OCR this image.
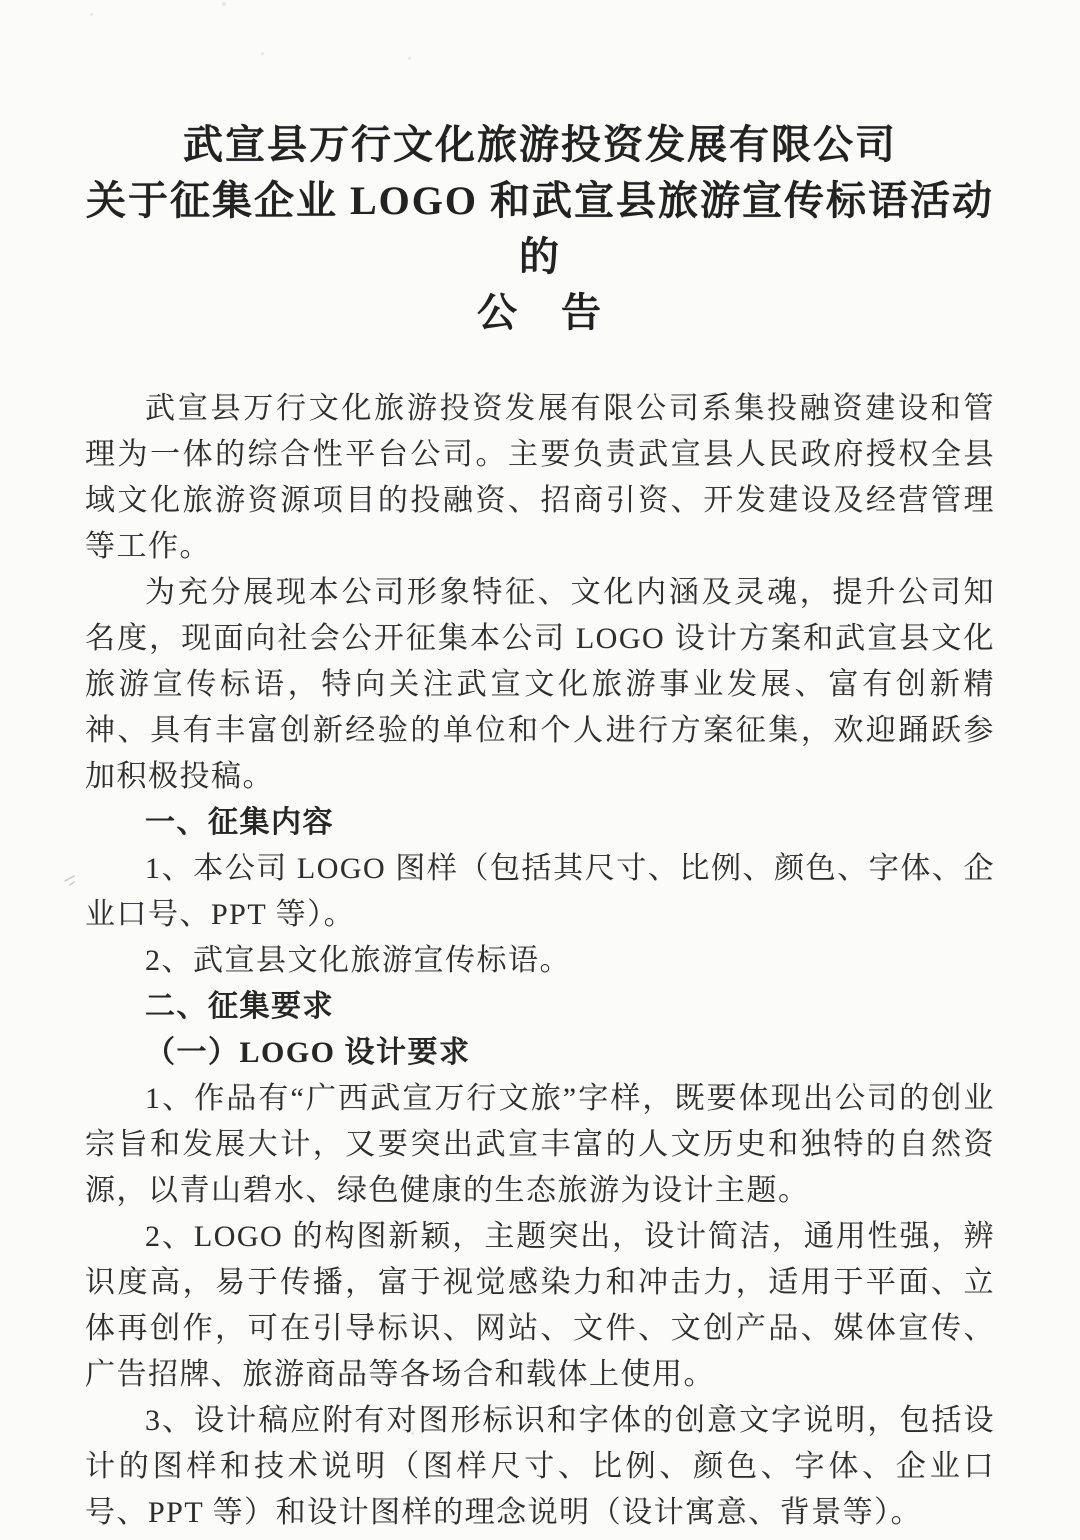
武宣县万行文化旅游投资发展有限公司
关于征集企业 LOGO 和武宣县旅游宣传标语活动的
公　告

武宣县万行文化旅游投资发展有限公司系集投融资建设和管理为一体的综合性平台公司。主要负责武宣县人民政府授权全县域文化旅游资源项目的投融资、招商引资、开发建设及经营管理等工作。

为充分展现本公司形象特征、文化内涵及灵魂，提升公司知名度，现面向社会公开征集本公司 LOGO 设计方案和武宣县文化旅游宣传标语，特向关注武宣文化旅游事业发展、富有创新精神、具有丰富创新经验的单位和个人进行方案征集，欢迎踊跃参加积极投稿。

一、征集内容

1、本公司 LOGO 图样（包括其尺寸、比例、颜色、字体、企业口号、PPT 等）。

2、武宣县文化旅游宣传标语。

二、征集要求

（一）LOGO 设计要求

1、作品有“广西武宣万行文旅”字样，既要体现出公司的创业宗旨和发展大计，又要突出武宣丰富的人文历史和独特的自然资源，以青山碧水、绿色健康的生态旅游为设计主题。

2、LOGO 的构图新颖，主题突出，设计简洁，通用性强，辨识度高，易于传播，富于视觉感染力和冲击力，适用于平面、立体再创作，可在引导标识、网站、文件、文创产品、媒体宣传、广告招牌、旅游商品等各场合和载体上使用。

3、设计稿应附有对图形标识和字体的创意文字说明，包括设计的图样和技术说明（图样尺寸、比例、颜色、字体、企业口号、PPT 等）和设计图样的理念说明（设计寓意、背景等）。
